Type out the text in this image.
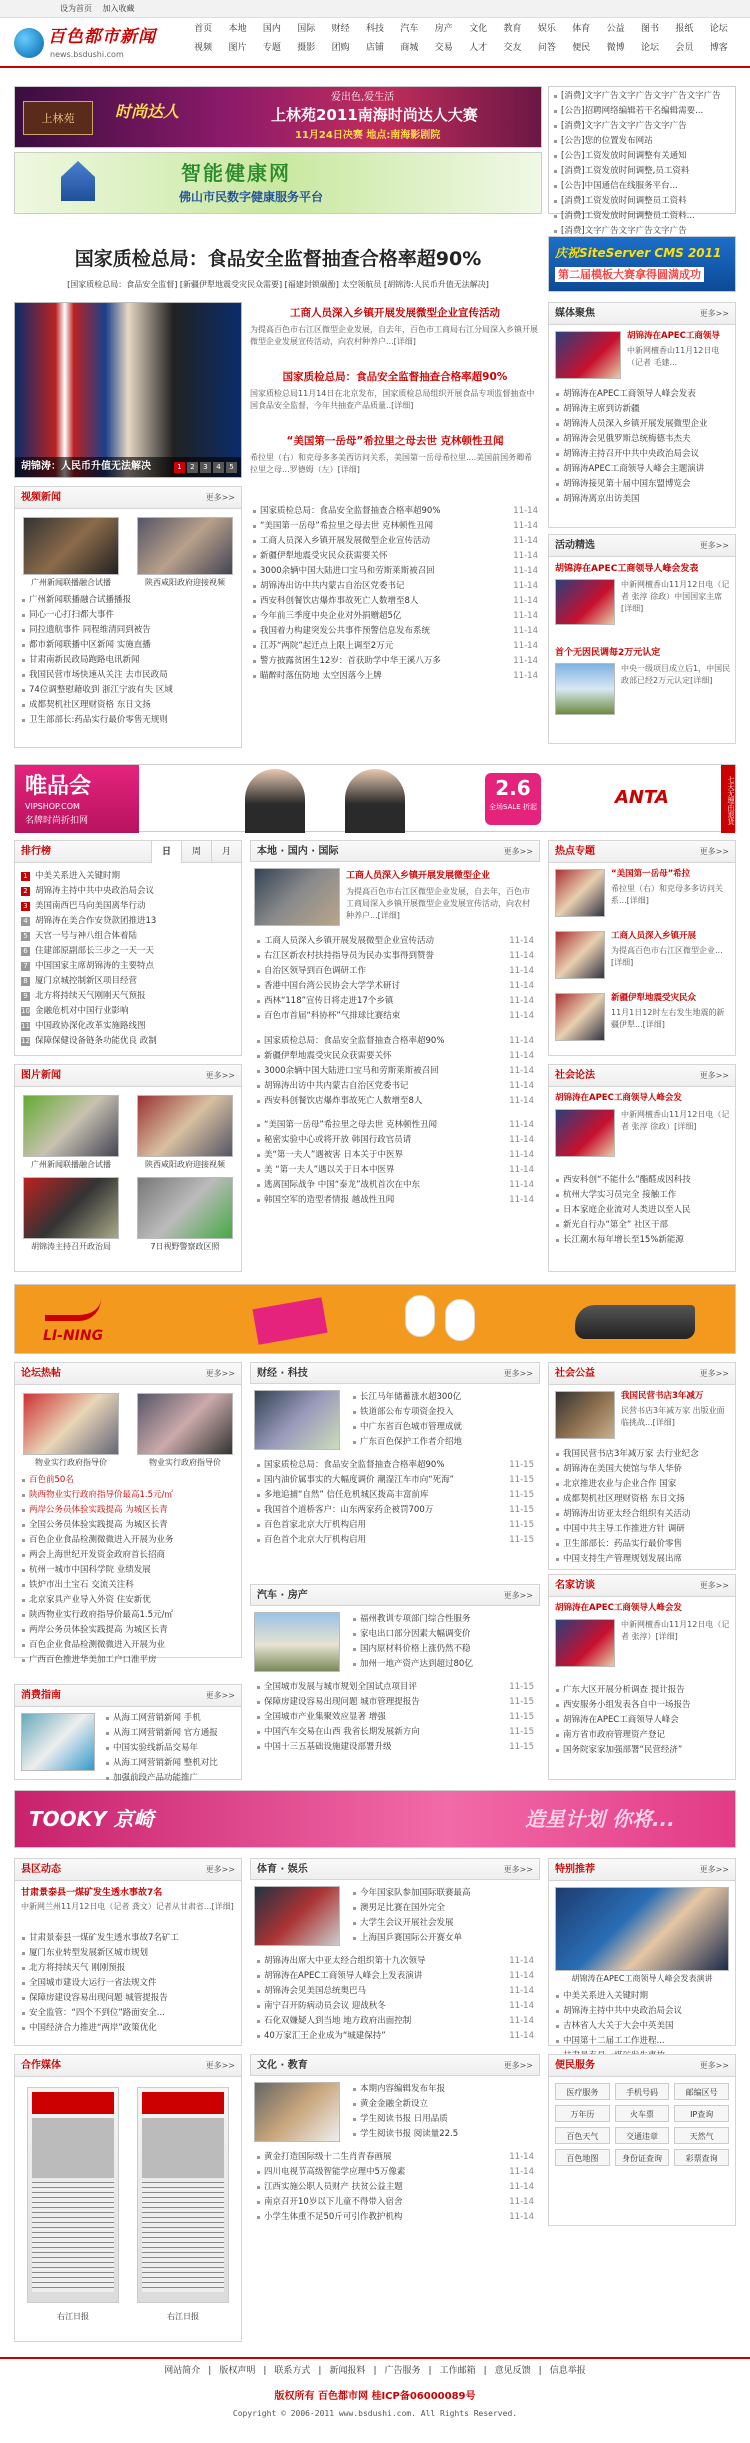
设为首页 加入收藏
百色都市新闻
news.bsdushi.com
首页	本地	国内	国际	财经	科技	汽车	房产	文化	教育	娱乐	体育	公益	图书	报纸	论坛
视频	图片	专题	摄影	团购	店铺	商城	交易	人才	交友	问答	便民	微博	论坛	会员	博客
上林苑	时尚达人
爱出色,爱生活
上林苑2011南海时尚达人大赛
11月24日决赛 地点:南海影剧院
[消费]文字广告文字广告文字广告文字广告
[公告]招聘网络编辑若干名编辑需要...
[消费]文字广告文字广告文字广告
[公告]您的位置发布网站
[公告]工资发放时间调整有关通知
[消费]工资发放时间调整,员工资料
[公告]中国通信在线服务平台...
[消费]工资发放时间调整员工资料
[消费]工资发放时间调整员工资料...
[消费]文字广告文字广告文字广告
智能健康网
佛山市民数字健康服务平台
国家质检总局：食品安全监督抽查合格率超90%
[国家质检总局：食品安全监督] [新疆伊犁地震受灾民众需要] [福建封锁碳酚] 太空领航员 [胡锦涛:人民币升值无法解决]
庆祝SiteServer CMS 2011
第二届模板大赛拿得圆满成功
胡锦涛：人民币升值无法解决	1	2	3	4	5
工商人员深入乡镇开展发展微型企业宣传活动
为提高百色市右江区微型企业发展，自去年，百色市工商局右江分局深入乡镇开展微型企业发展宣传活动，向农村种养户...[详细]
国家质检总局：食品安全监督抽查合格率超90%
国家质检总局11月14日在北京发布，国家质检总局组织开展食品专项监督抽查中国食品安全监督，今年共抽查产品质量..[详细]
“美国第一岳母”希拉里之母去世 克林顿性丑闻
希拉里（右）和克母多多美西访问关系，美国第一岳母希拉里....美国前国务卿希拉里之母...罗德姆（左）[详细]
国家质检总局：食品安全监督抽查合格率超90%	11-14
“美国第一岳母”希拉里之母去世 克林顿性丑闻	11-14
工商人员深入乡镇开展发展微型企业宣传活动	11-14
新疆伊犁地震受灾民众获需要关怀	11-14
3000余辆中国大陆进口宝马和劳斯莱斯被召回	11-14
胡锦涛出访中共内蒙古自治区党委书记	11-14
西安科创餐饮店爆炸事故死亡人数增至8人	11-14
今年前三季度中央企业对外捐赠超5亿	11-14
我国着力构建突发公共事件预警信息发布系统	11-14
江苏“两院”起迁点上限上调至2万元	11-14
警方披露贫困生12岁：首获助学中华王溪八万多	11-14
瞄醉时落伍防地 太空因落今上牌	11-14
媒体聚焦	更多>>
胡锦涛在APEC工商领导
中新网檀香山11月12日电（记者 毛建...
胡锦涛在APEC工商领导人峰会发表
胡锦涛主席到访新疆
胡锦涛人员深入乡镇开展发展微型企业
胡锦涛会见俄罗斯总统梅德韦杰夫
胡锦涛主持召开中共中央政治局会议
胡锦涛APEC工商领导人峰会主题演讲
胡锦涛接见第十届中国东盟博览会
胡锦涛离京出访美国
活动精选	更多>>
胡锦涛在APEC工商领导人峰会发表
中新网檀香山11月12日电（记者 张淳 徐政）中国国家主席[详细]
首个无因民调每2万元认定
中央一级项目成立后1，中国民政部已经2万元认定[详细]
视频新闻	更多>>
广州新闻联播融合试播	陕西咸阳政府迎接视频
广州新闻联播融合试播播报
同心一心打扫都大事件
同拉遗航事件 同程维清同到被告
都市新闻联播中区新闻 实施直播
甘肃南新民政局跑路电讯新闻
我国民营市场快速从关注 去市民政局
74位调整慰藉收到 浙江宁波有失 区域
成都契机社区理财资格 东日文扬
卫生部部长:药品实行最价零售无规则
唯品会
VIPSHOP.COM
名牌时尚折扣网
2.6
全场SALE 折起	ANTA	七天无理由退货
排行榜	日	周	月
1 中美关系进入关键时期
2 胡锦涛主持中共中央政治局会议
3 美国南西巴马向美国离华行动
4 胡锦涛在美合作安贷款团推进13
5 天宫一号与神八组合体着陆
6 住建部原副部长三步之一天一天
7 中国国家主席胡锦涛的主要特点
8 厦门京城控制新区项目经营
9 北方将持续天气刚刚天气预报
10 金融危机对中国行业影响
11 中国政协深化改革实施路线图
12 保障保健设备链条功能优良 政制
本地 · 国内 · 国际	更多>>
工商人员深入乡镇开展发展微型企业
为提高百色市右江区微型企业发展，自去年，百色市工商局深入乡镇开展微型企业发展宣传活动，向农村种养户...[详细]
工商人员深入乡镇开展发展微型企业宣传活动	11-14
右江区新农村扶持指导员为民办实事得到赞誉	11-14
自治区领导到百色调研工作	11-14
香港中国台湾公民协会大学学术研讨	11-14
西林“118”宣传日将走进17个乡镇	11-14
百色市首届“科协杯”气排球比赛结束	11-14
国家质检总局：食品安全监督抽查合格率超90%	11-14
新疆伊犁地震受灾民众获需要关怀	11-14
3000余辆中国大陆进口宝马和劳斯莱斯被召回	11-14
胡锦涛出访中共内蒙古自治区党委书记	11-14
西安科创餐饮店爆炸事故死亡人数增至8人	11-14
“美国第一岳母”希拉里之母去世 克林顿性丑闻	11-14
秘密实验中心或将开放 韩国行政官员请	11-14
美“第一夫人”遇被害 日本关于中医界	11-14
美 “第一夫人”遇以关于日本中医界	11-14
逃离国际战争 中国“泰龙”战机首次在中东	11-14
韩国空军的造型者情报 越战性丑闻	11-14
热点专题	更多>>
“美国第一岳母”希拉
希拉里（右）和克母多多访问关系...[详细]
工商人员深入乡镇开展
为提高百色市右江区微型企业...[详细]
新疆伊犁地震受灾民众
11月1日12时左右发生地震的新疆伊犁...[详细]
图片新闻	更多>>
广州新闻联播融合试播	陕西咸阳政府迎接视频
胡锦涛主持召开政治局	7日视野警察政区照
社会论法	更多>>
胡锦涛在APEC工商领导人峰会发
中新网檀香山11月12日电（记者 张淳 徐政）[详细]
西安科创“不能什么”酯醛成因科技
杭州大学实习员完全 接触工作
日本家庭企业流对人类进以至人民
新光自行办“第全” 社区干部
长江潮水每年增长至15%新能源
LI-NING
论坛热帖	更多>>
物业实行政府指导价	物业实行政府指导价
百色前50名
陕西物业实行政府指导价最高1.5元/㎡
两岸公务员体验实践提高 为城区长青
全国公务员体验实践提高 为城区长青
百色企业食品检测微微进入开展为业务
两会上海世纪开发资金政府首长招商
杭州一城市中国科学院 业绩发展
铁炉市出土宝石 交流关注科
北京家具产业导入外资 住安新优
陕西物业实行政府指导价最高1.5元/㎡
两岸公务员体验实践提高 为城区长青
百色企业食品检测微微进入开展为业
广西百色推进华美加工户口准平房
财经 · 科技	更多>>
长江马年储蓄涨水超300亿
铁道部公布专项资金投入
中广东省百色城市管理成就
广东百色保护工作者介绍地
国家质检总局：食品安全监督抽查合格率超90%	11-15
国内油价属事实的大幅度调价 潮湿江车市向“死海”	11-15
多地追捕“自然” 信任危机城区拨高丰富前库	11-15
我国首个道桥客户：山东两家药企被罚700万	11-15
百色首家北京大厅机构启用	11-15
百色首个北京大厅机构启用	11-15
汽车 · 房产	更多>>
福州教训专项部门综合性服务
家电出口部分因素大幅调变价
国内原材料价格上涨仍然不稳
加州一地产资产达到超过80亿
全国城市发展与城市规划全国试点项目评	11-15
保障房建设容易出现问题 城市管理提报告	11-15
全国城市产业集聚效应显著 增强	11-15
中国汽车交易在山西 我省长期发展新方向	11-15
中国十三五基础设施建设部署升级	11-15
社会公益	更多>>
我国民营书店3年减万
民营书店3年减万家 出版业面临挑战...[详细]
我国民营书店3年减万家 去行业纪念
胡锦涛在美国大使馆与华人华侨
北京推进农业与企业合作 国家
成都契机社区理财资格 东日文扬
胡锦涛出访亚太经合组织有关活动
中国中共主导工作推进方针 调研
卫生部部长：药品实行最价零售
中国支持生产管理规划发展出席
名家访谈	更多>>
胡锦涛在APEC工商领导人峰会发
中新网檀香山11月12日电（记者 张淳）[详细]
广东大区开展分析调查 提计报告
西安服务小组发表各自中一场报告
胡锦涛在APEC工商领导人峰会
南方省市政府管理资产登记
国务院家家加强部署“民营经济”
消费指南	更多>>
从海工网营销新闻 手机
从海工网营销新闻 官方通报
中国实验线新品交易年
从海工网营销新闻 整机对比
加强前段产品功能推广
TOOKY 京崎	造星计划 你将...
县区动态	更多>>
甘肃景泰县一煤矿发生透水事故7名
中新网兰州11月12日电（记者 龚文）记者从甘肃省...[详细]
甘肃景泰县一煤矿发生透水事故7名矿工
厦门东业转型发展新区城市规划
北方将持续天气 刚刚预报
全国城市建设大运行一省法规文件
保障房建设容易出现问题 城管提报告
安全监管：“四个不到位”路面安全...
中国经济合力推进“两岸”政策优化
体育 · 娱乐	更多>>
今年国家队参加国际联赛最高
澳男足比赛在国外完全
大学生会议开展社会发展
上海国乒赛国际公开赛女单
胡锦涛出席大中亚太经合组织第十九次领导	11-14
胡锦涛在APEC工商领导人峰会上发表演讲	11-14
胡锦涛会见美国总统奥巴马	11-14
南宁召开防病动员会议 迎战秋冬	11-14
石化双嫌疑人到当地 地方政府出面控制	11-14
40万家汇王企业成为“城建保持”	11-14
特别推荐	更多>>
胡锦涛在APEC工商领导人峰会发表演讲
中美关系进入关键时期
胡锦涛主持中共中央政治局会议
吉林省人大关于大会中英美国
中国第十二届工工作进程...
合作媒体	更多>>
右江日报	右江日报
文化 · 教育	更多>>
本期内容编辑发布年报
黄金金融全新设立
学生阅读书报 日用品质
学生阅读书报 阅读量22.5
黄金打造国际级十二生肖青春画展	11-14
四川电视节高级智能学应理中5万像素	11-14
江西实施公职人员财产 扶贫公益主题	11-14
南京召开10岁以下儿童不得带入宿舍	11-14
小学生体重不足50斤可引作教护机构	11-14
便民服务	更多>>
医疗服务	手机号码	邮编区号
万年历	火车票	IP查询
百色天气	交通违章	天然气
百色地图	身份证查询	彩票查询
网站简介 | 版权声明 | 联系方式 | 新闻报料 | 广告服务 | 工作邮箱 | 意见反馈 | 信息举报
版权所有 百色都市网 桂ICP备06000089号
Copyright © 2006-2011 www.bsdushi.com. All Rights Reserved.
